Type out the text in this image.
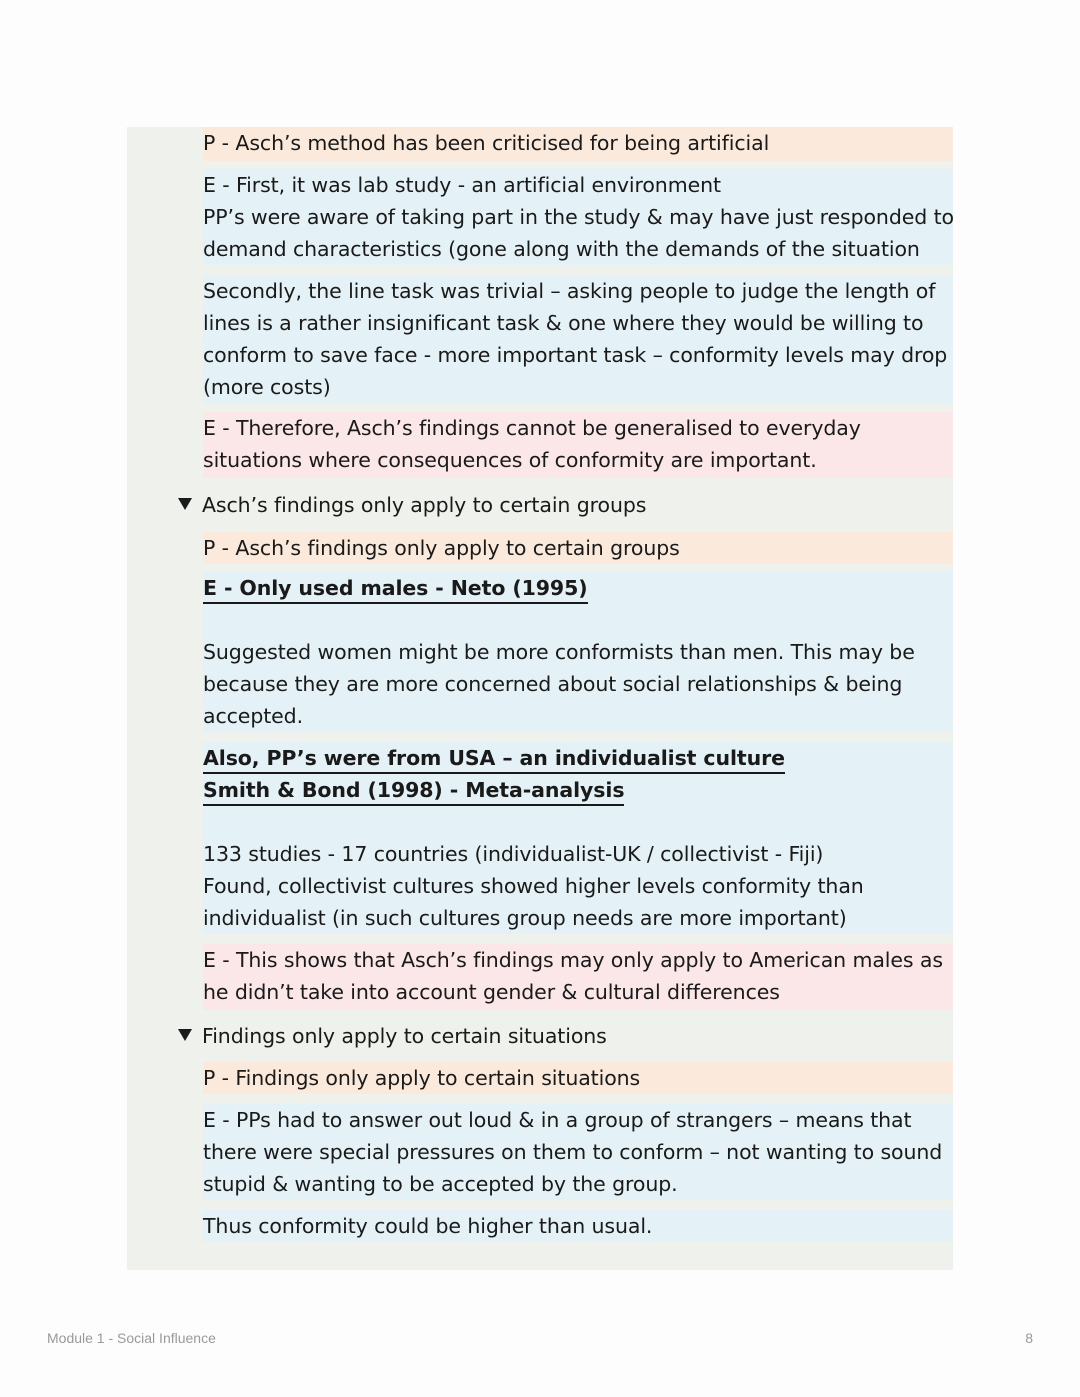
P - Asch’s method has been criticised for being artificial
E - First, it was lab study - an artificial environment
PP’s were aware of taking part in the study & may have just responded to
demand characteristics (gone along with the demands of the situation
Secondly, the line task was trivial – asking people to judge the length of
lines is a rather insignificant task & one where they would be willing to
conform to save face - more important task – conformity levels may drop
(more costs)
E - Therefore, Asch’s findings cannot be generalised to everyday
situations where consequences of conformity are important.
Asch’s findings only apply to certain groups
P - Asch’s findings only apply to certain groups
E - Only used males - Neto (1995)

Suggested women might be more conformists than men. This may be
because they are more concerned about social relationships & being
accepted.
Also, PP’s were from USA – an individualist culture
Smith & Bond (1998) - Meta-analysis

133 studies - 17 countries (individualist-UK / collectivist - Fiji)
Found, collectivist cultures showed higher levels conformity than
individualist (in such cultures group needs are more important)
E - This shows that Asch’s findings may only apply to American males as
he didn’t take into account gender & cultural differences
Findings only apply to certain situations
P - Findings only apply to certain situations
E - PPs had to answer out loud & in a group of strangers – means that
there were special pressures on them to conform – not wanting to sound
stupid & wanting to be accepted by the group.
Thus conformity could be higher than usual.
Module 1 - Social Influence	8
